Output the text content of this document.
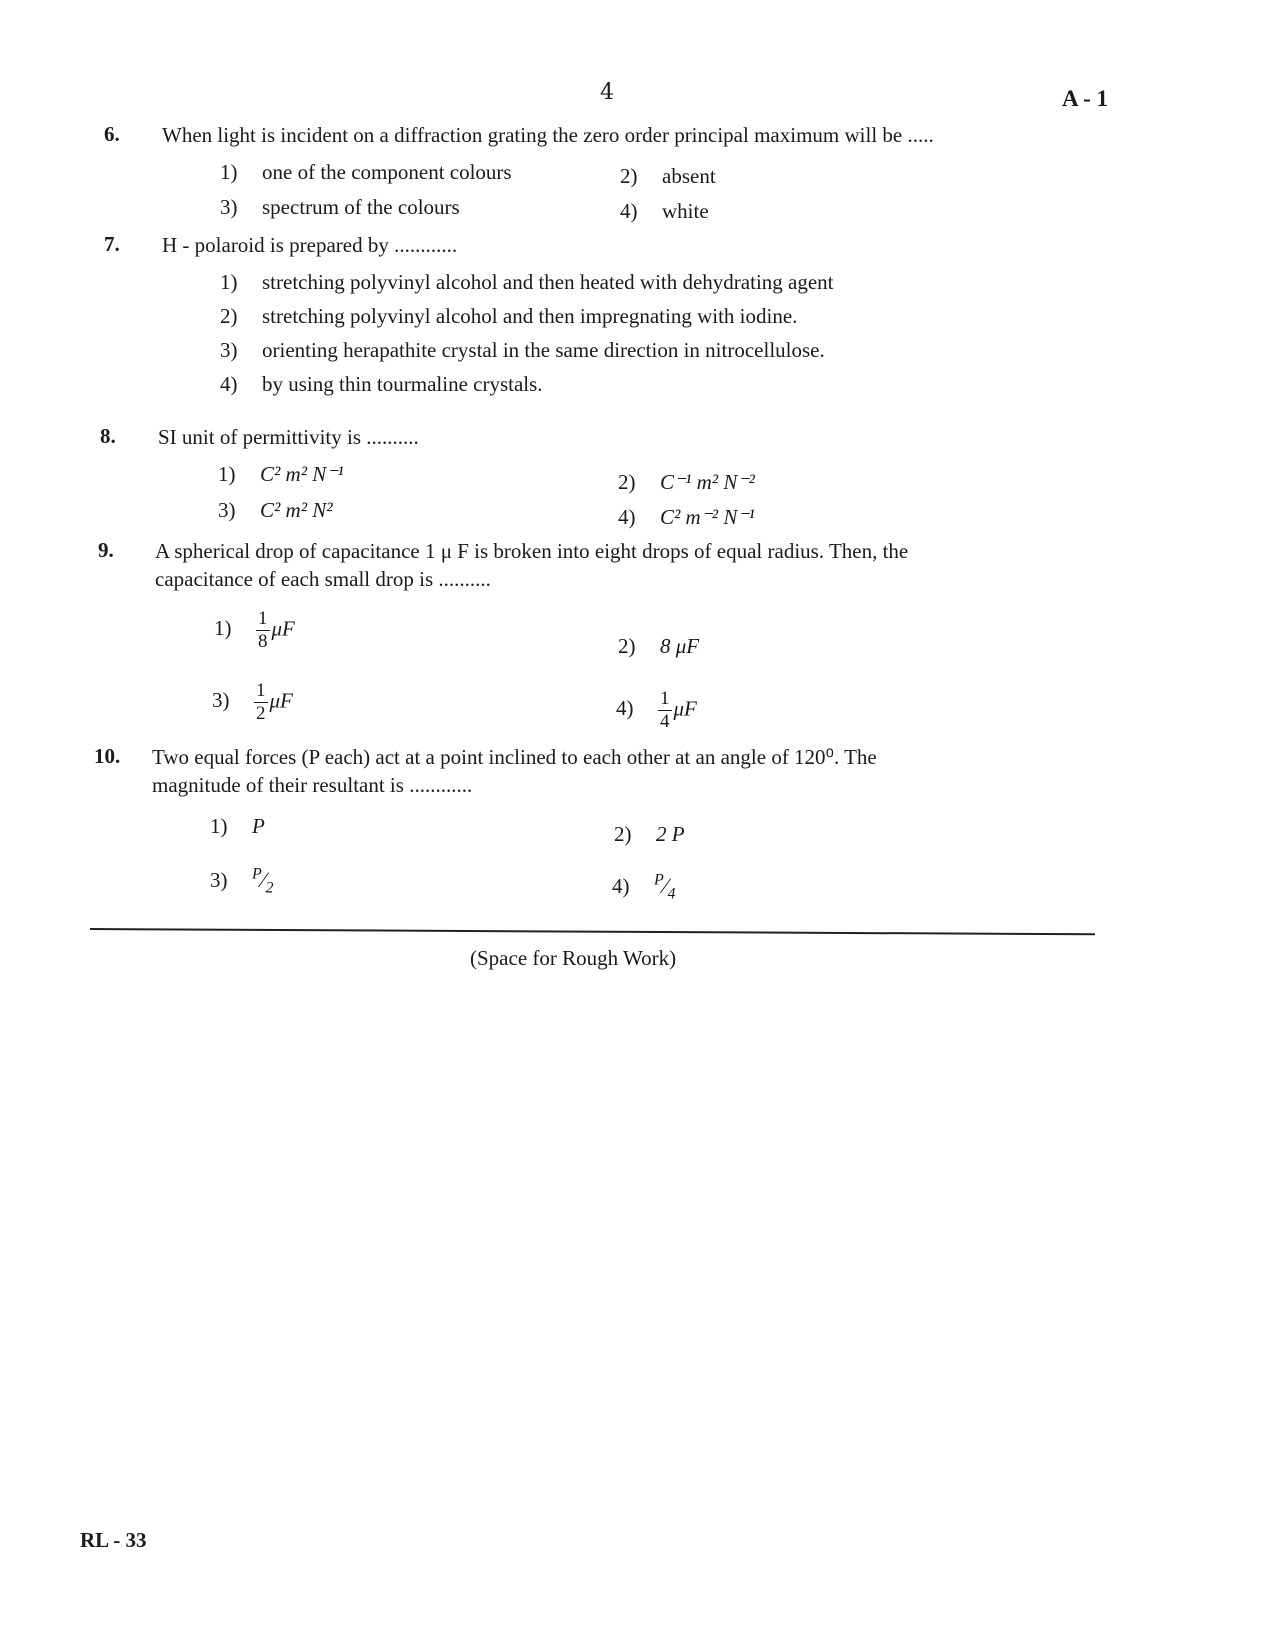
4	A - 1
6. When light is incident on a diffraction grating the zero order principal maximum will be .....
1) one of the component colours	2) absent
3) spectrum of the colours	4) white
7. H - polaroid is prepared by ............
1) stretching polyvinyl alcohol and then heated with dehydrating agent
2) stretching polyvinyl alcohol and then impregnating with iodine.
3) orienting herapathite crystal in the same direction in nitrocellulose.
4) by using thin tourmaline crystals.
8. SI unit of permittivity is ..........
1) C² m² N⁻¹	2) C⁻¹ m² N⁻²
3) C² m² N²	4) C² m⁻² N⁻¹
9. A spherical drop of capacitance 1 μ F is broken into eight drops of equal radius. Then, the
capacitance of each small drop is ..........
$1) \frac{1}{8}$ μF
2) 8 μF
$3) \frac{1}{2}$ μF	$4) \frac{1}{4}$ μF
10. Two equal forces (P each) act at a point inclined to each other at an angle of 120⁰. The
magnitude of their resultant is ............
1) P	2) 2 P
3) $^P⁄_2$	4) $^P⁄_4$
(Space for Rough Work)
RL - 33
